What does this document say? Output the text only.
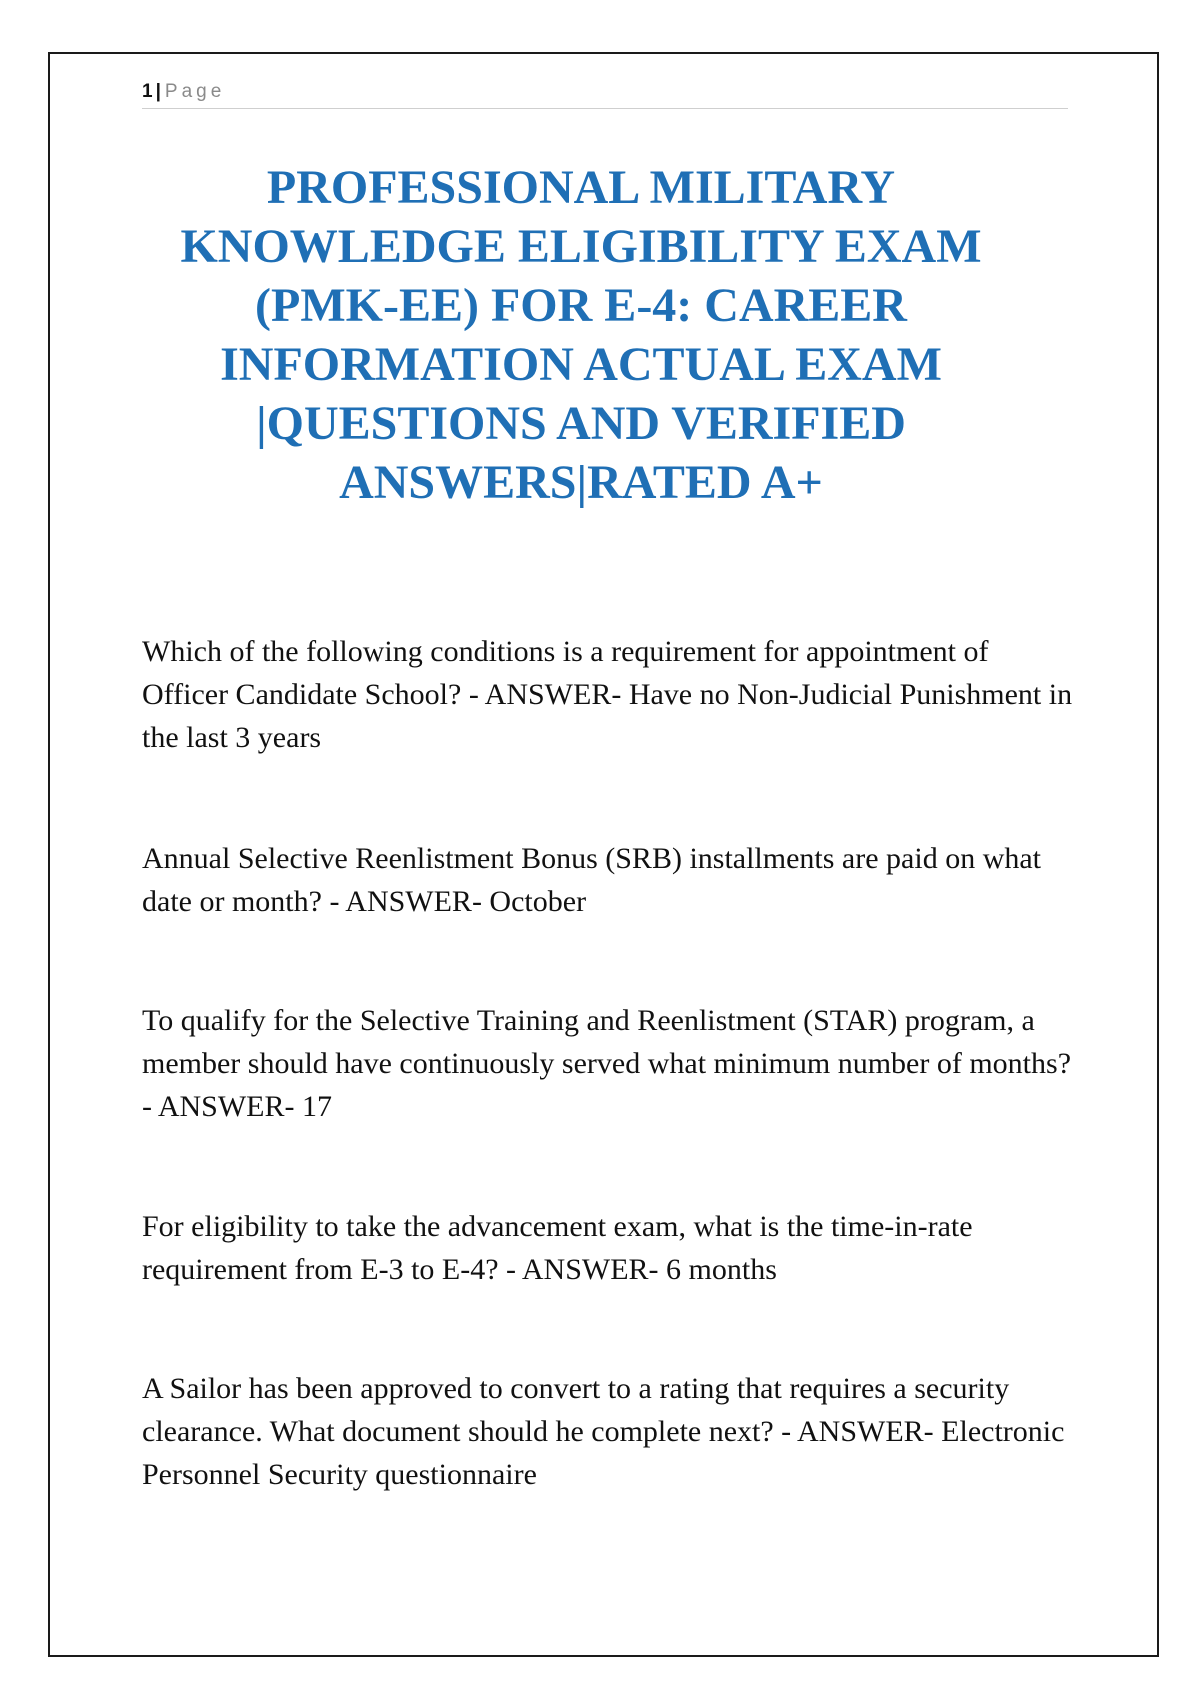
1 | Page
PROFESSIONAL MILITARY KNOWLEDGE ELIGIBILITY EXAM (PMK-EE) FOR E-4: CAREER INFORMATION ACTUAL EXAM |QUESTIONS AND VERIFIED ANSWERS|RATED A+

Which of the following conditions is a requirement for appointment of Officer Candidate School? - ANSWER- Have no Non-Judicial Punishment in the last 3 years

Annual Selective Reenlistment Bonus (SRB) installments are paid on what date or month? - ANSWER- October

To qualify for the Selective Training and Reenlistment (STAR) program, a member should have continuously served what minimum number of months? - ANSWER- 17

For eligibility to take the advancement exam, what is the time-in-rate requirement from E-3 to E-4? - ANSWER- 6 months

A Sailor has been approved to convert to a rating that requires a security clearance. What document should he complete next? - ANSWER- Electronic Personnel Security questionnaire
